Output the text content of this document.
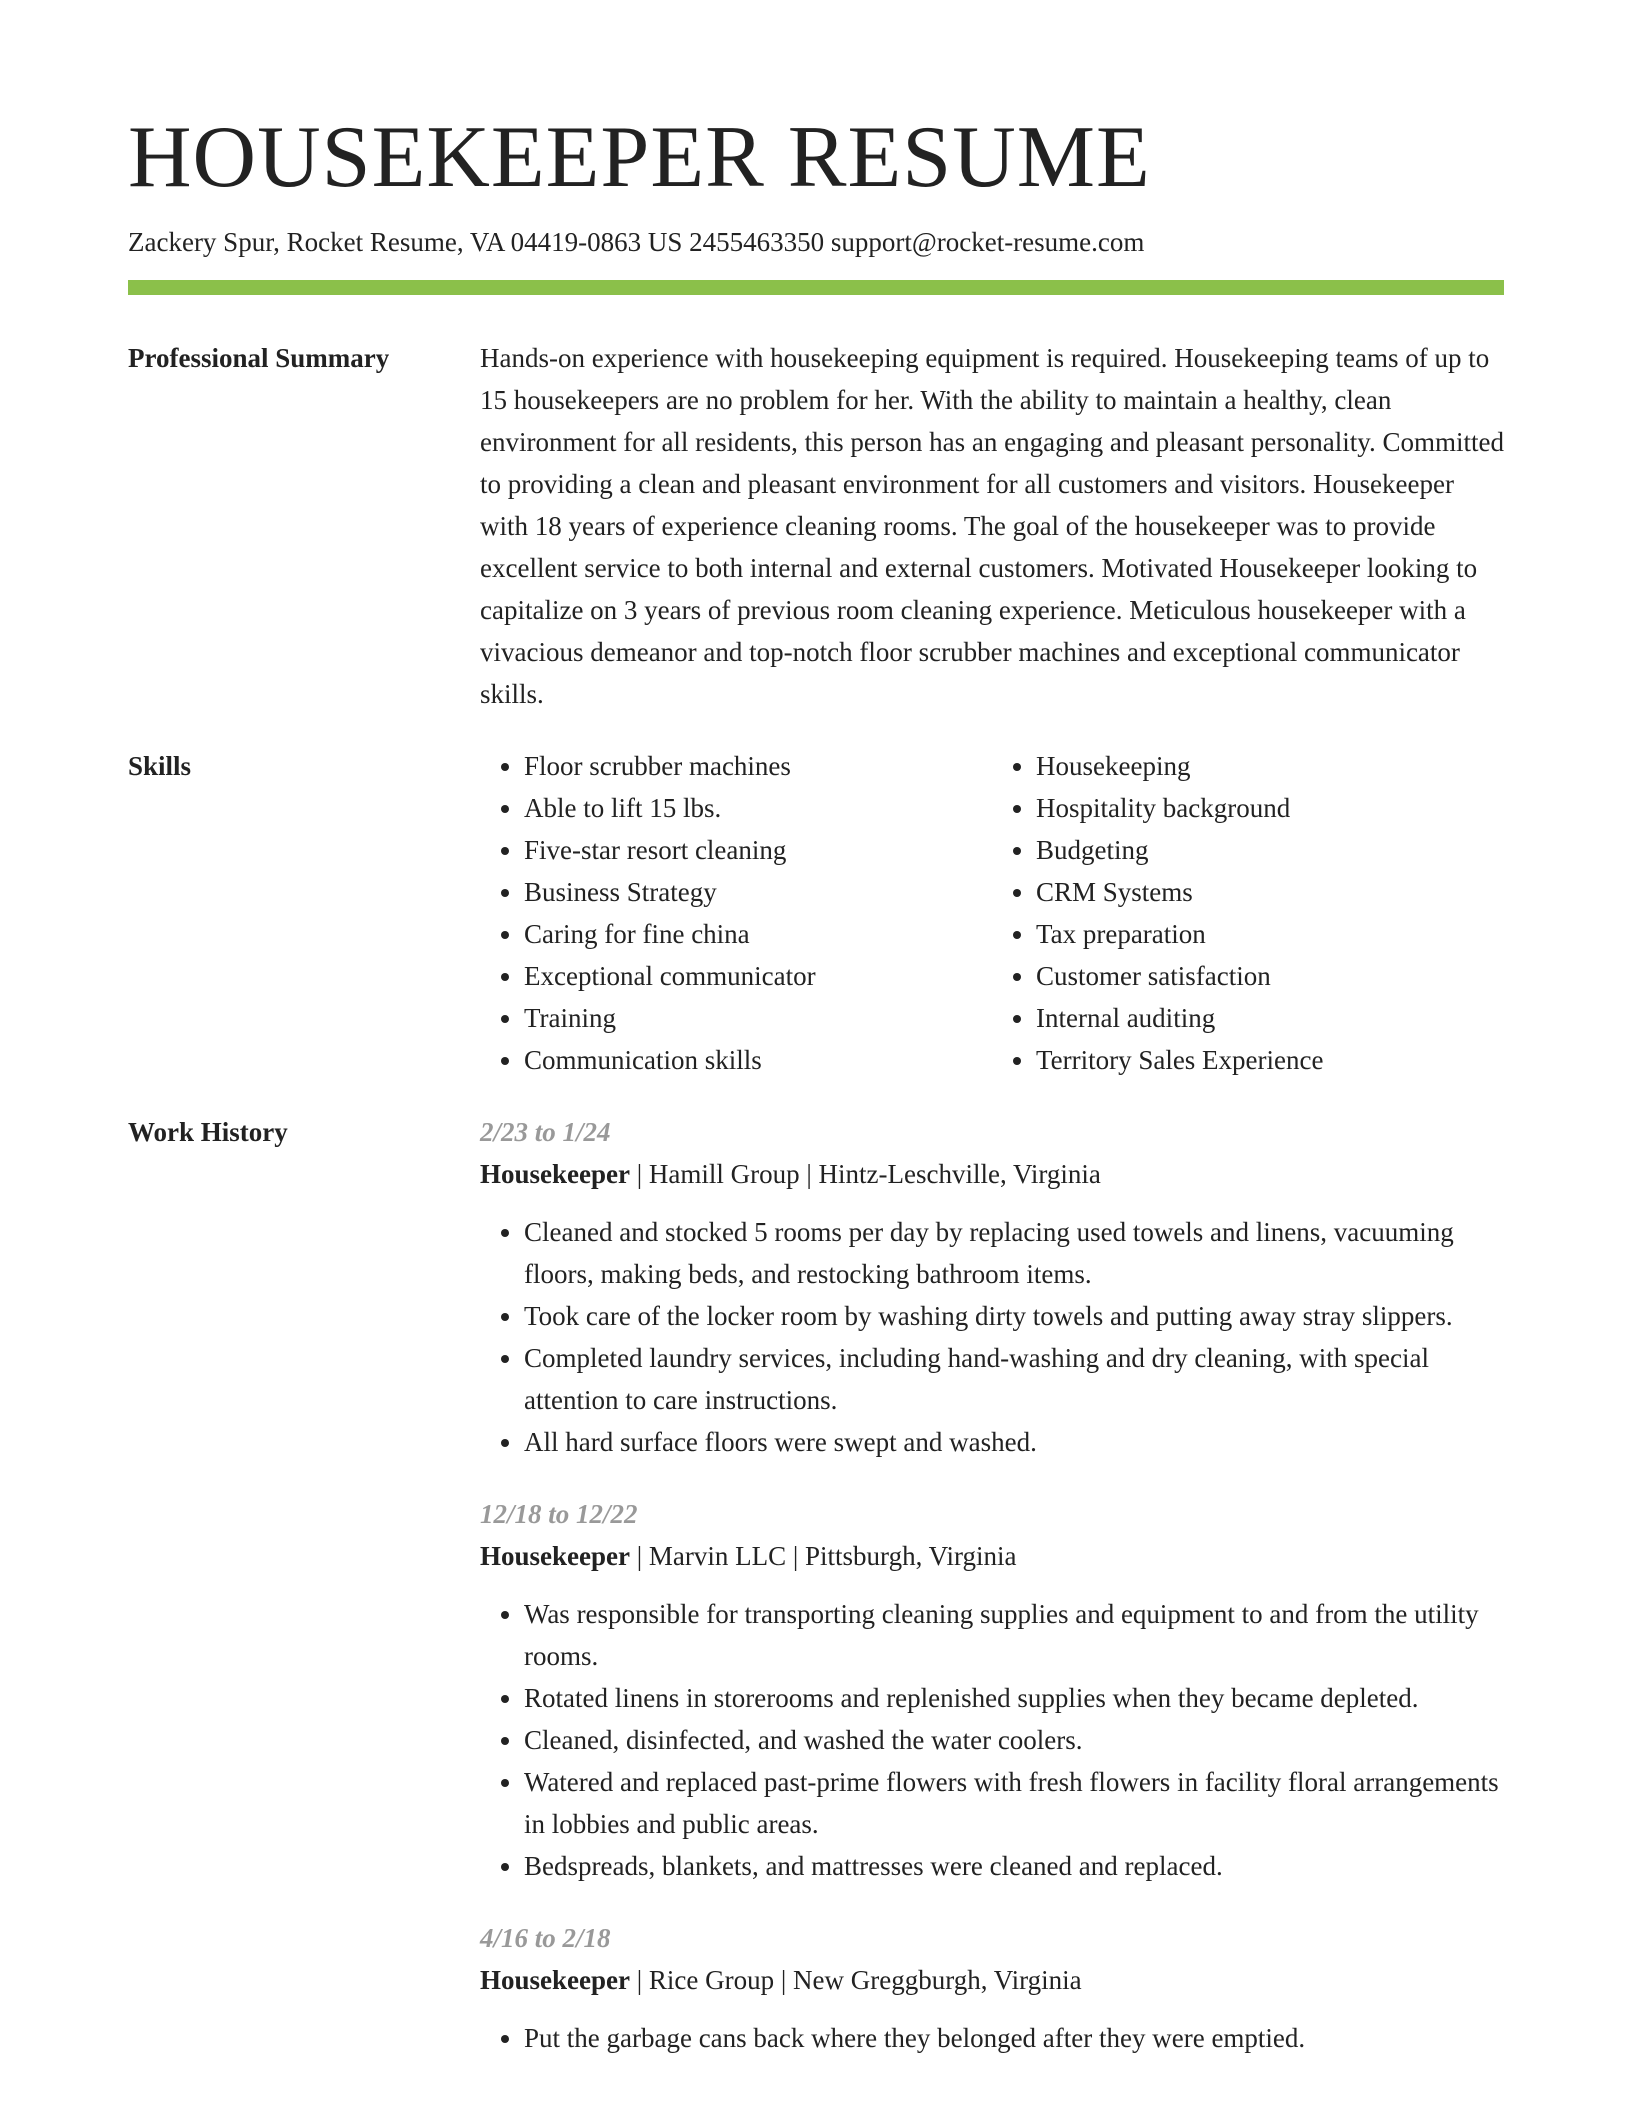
HOUSEKEEPER RESUME
Zackery Spur, Rocket Resume, VA 04419-0863 US 2455463350 support@rocket-resume.com
Professional Summary	Hands-on experience with housekeeping equipment is required. Housekeeping teams of up to 15 housekeepers are no problem for her. With the ability to maintain a healthy, clean environment for all residents, this person has an engaging and pleasant personality. Committed to providing a clean and pleasant environment for all customers and visitors. Housekeeper with 18 years of experience cleaning rooms. The goal of the housekeeper was to provide excellent service to both internal and external customers. Motivated Housekeeper looking to capitalize on 3 years of previous room cleaning experience. Meticulous housekeeper with a vivacious demeanor and top-notch floor scrubber machines and exceptional communicator skills.

Skills
•	Floor scrubber machines
• Able to lift 15 lbs.
• Five-star resort cleaning
• Business Strategy
• Caring for fine china
• Exceptional communicator
• Training
• Communication skills
• Housekeeping
• Hospitality background
• Budgeting
• CRM Systems
• Tax preparation
• Customer satisfaction
• Internal auditing
• Territory Sales Experience
Work History	2/23 to 1/24
Housekeeper | Hamill Group | Hintz-Leschville, Virginia
• Cleaned and stocked 5 rooms per day by replacing used towels and linens, vacuuming floors, making beds, and restocking bathroom items.
• Took care of the locker room by washing dirty towels and putting away stray slippers.
• Completed laundry services, including hand-washing and dry cleaning, with special attention to care instructions.
• All hard surface floors were swept and washed.
12/18 to 12/22
Housekeeper | Marvin LLC | Pittsburgh, Virginia
• Was responsible for transporting cleaning supplies and equipment to and from the utility rooms.
• Rotated linens in storerooms and replenished supplies when they became depleted.
• Cleaned, disinfected, and washed the water coolers.
• Watered and replaced past-prime flowers with fresh flowers in facility floral arrangements in lobbies and public areas.
• Bedspreads, blankets, and mattresses were cleaned and replaced.
4/16 to 2/18
Housekeeper | Rice Group | New Greggburgh, Virginia
• Put the garbage cans back where they belonged after they were emptied.
